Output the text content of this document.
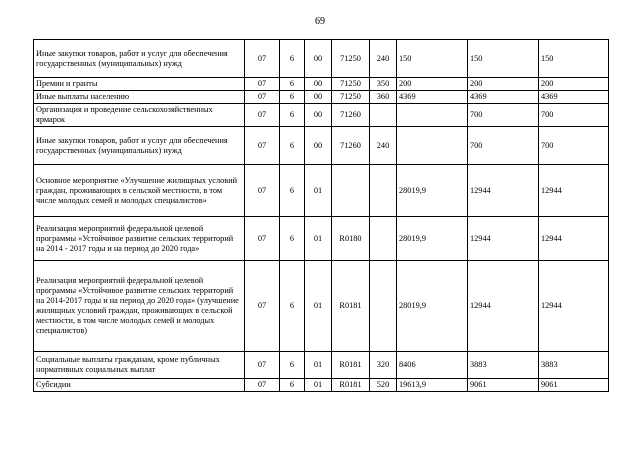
69
Иные закупки товаров, работ и услуг для обеспечения государственных (муниципальных) нужд	07	6	00	71250	240	150	150	150
Премии и гранты	07	6	00	71250	350	200	200	200
Иные выплаты населению	07	6	00	71250	360	4369	4369	4369
Организация и проведение сельскохозяйственных ярмарок	07	6	00	71260			700	700
Иные закупки товаров, работ и услуг для обеспечения государственных (муниципальных) нужд	07	6	00	71260	240		700	700
Основное мероприятие «Улучшение жилищных условий граждан, проживающих в сельской местности, в том числе молодых семей и молодых специалистов»	07	6	01			28019,9	12944	12944
Реализация мероприятий федеральной целевой программы «Устойчивое развитие сельских территорий на 2014 - 2017 годы и на период до 2020 года»	07	6	01	R0180		28019,9	12944	12944
Реализация мероприятий федеральной целевой программы «Устойчивое развитие сельских территорий на 2014-2017 годы и на период до 2020 года» (улучшение жилищных условий граждан, проживающих в сельской местности, в том числе молодых семей и молодых специалистов)	07	6	01	R0181		28019,9	12944	12944
Социальные выплаты гражданам, кроме публичных нормативных социальных выплат	07	6	01	R0181	320	8406	3883	3883
Субсидии	07	6	01	R0181	520	19613,9	9061	9061
